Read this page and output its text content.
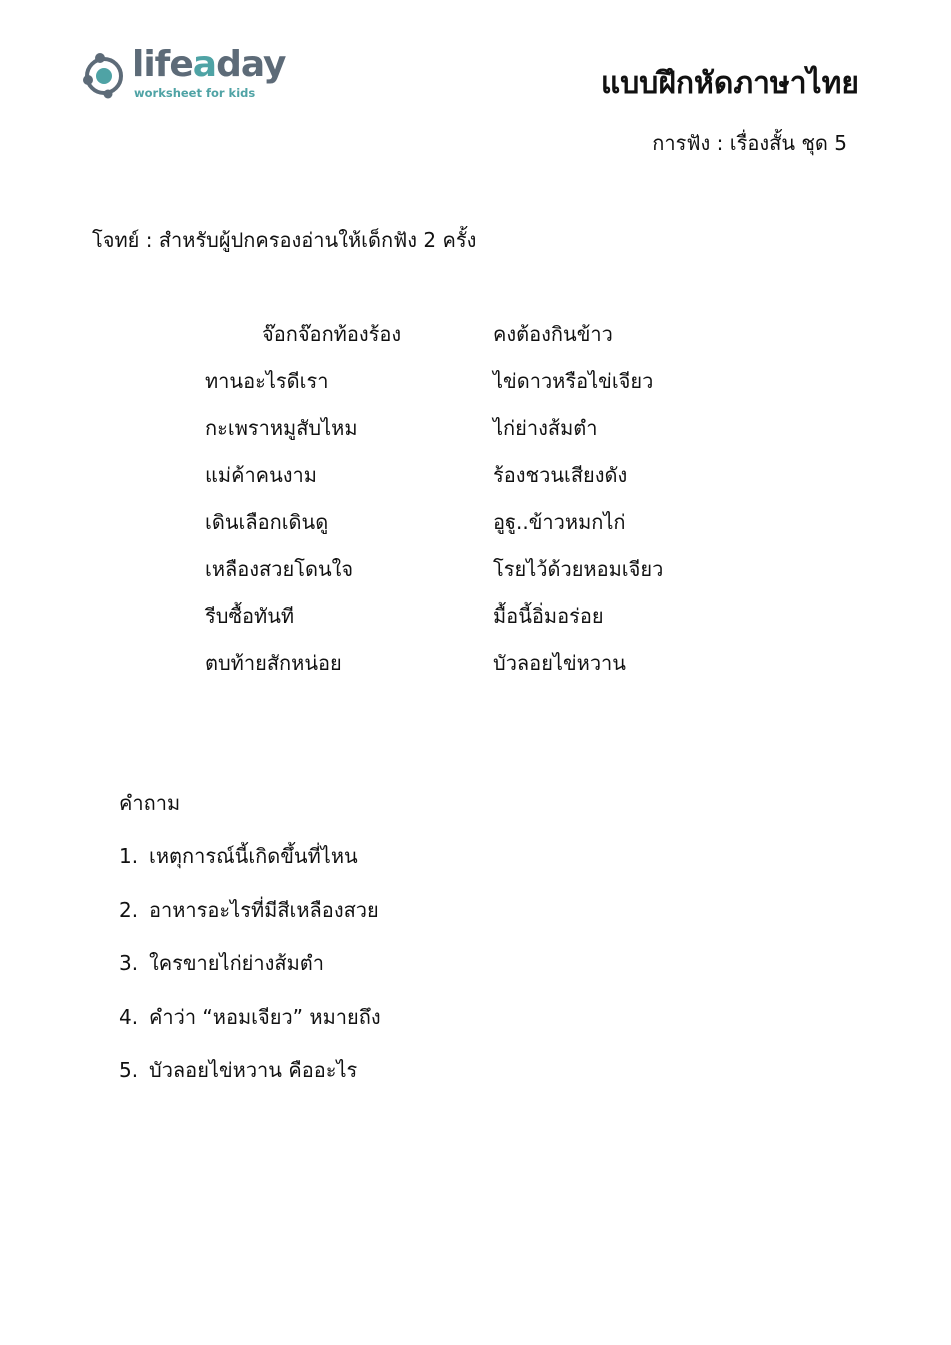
lifeaday
worksheet for kids	แบบฝึกหัดภาษาไทย
การฟัง : เรื่องสั้น ชุด 5
โจทย์ : สำหรับผู้ปกครองอ่านให้เด็กฟัง 2 ครั้ง
จ๊อกจ๊อกท้องร้อง	คงต้องกินข้าว
ทานอะไรดีเรา	ไข่ดาวหรือไข่เจียว
กะเพราหมูสับไหม	ไก่ย่างส้มตำ
แม่ค้าคนงาม	ร้องชวนเสียงดัง
เดินเลือกเดินดู	อูฐู..ข้าวหมกไก่
เหลืองสวยโดนใจ	โรยไว้ด้วยหอมเจียว
รีบซื้อทันที	มื้อนี้อิ่มอร่อย
ตบท้ายสักหน่อย	บัวลอยไข่หวาน
คำถาม
1. เหตุการณ์นี้เกิดขึ้นที่ไหน
2. อาหารอะไรที่มีสีเหลืองสวย
3. ใครขายไก่ย่างส้มตำ
4. คำว่า “หอมเจียว” หมายถึง
5. บัวลอยไข่หวาน คืออะไร
